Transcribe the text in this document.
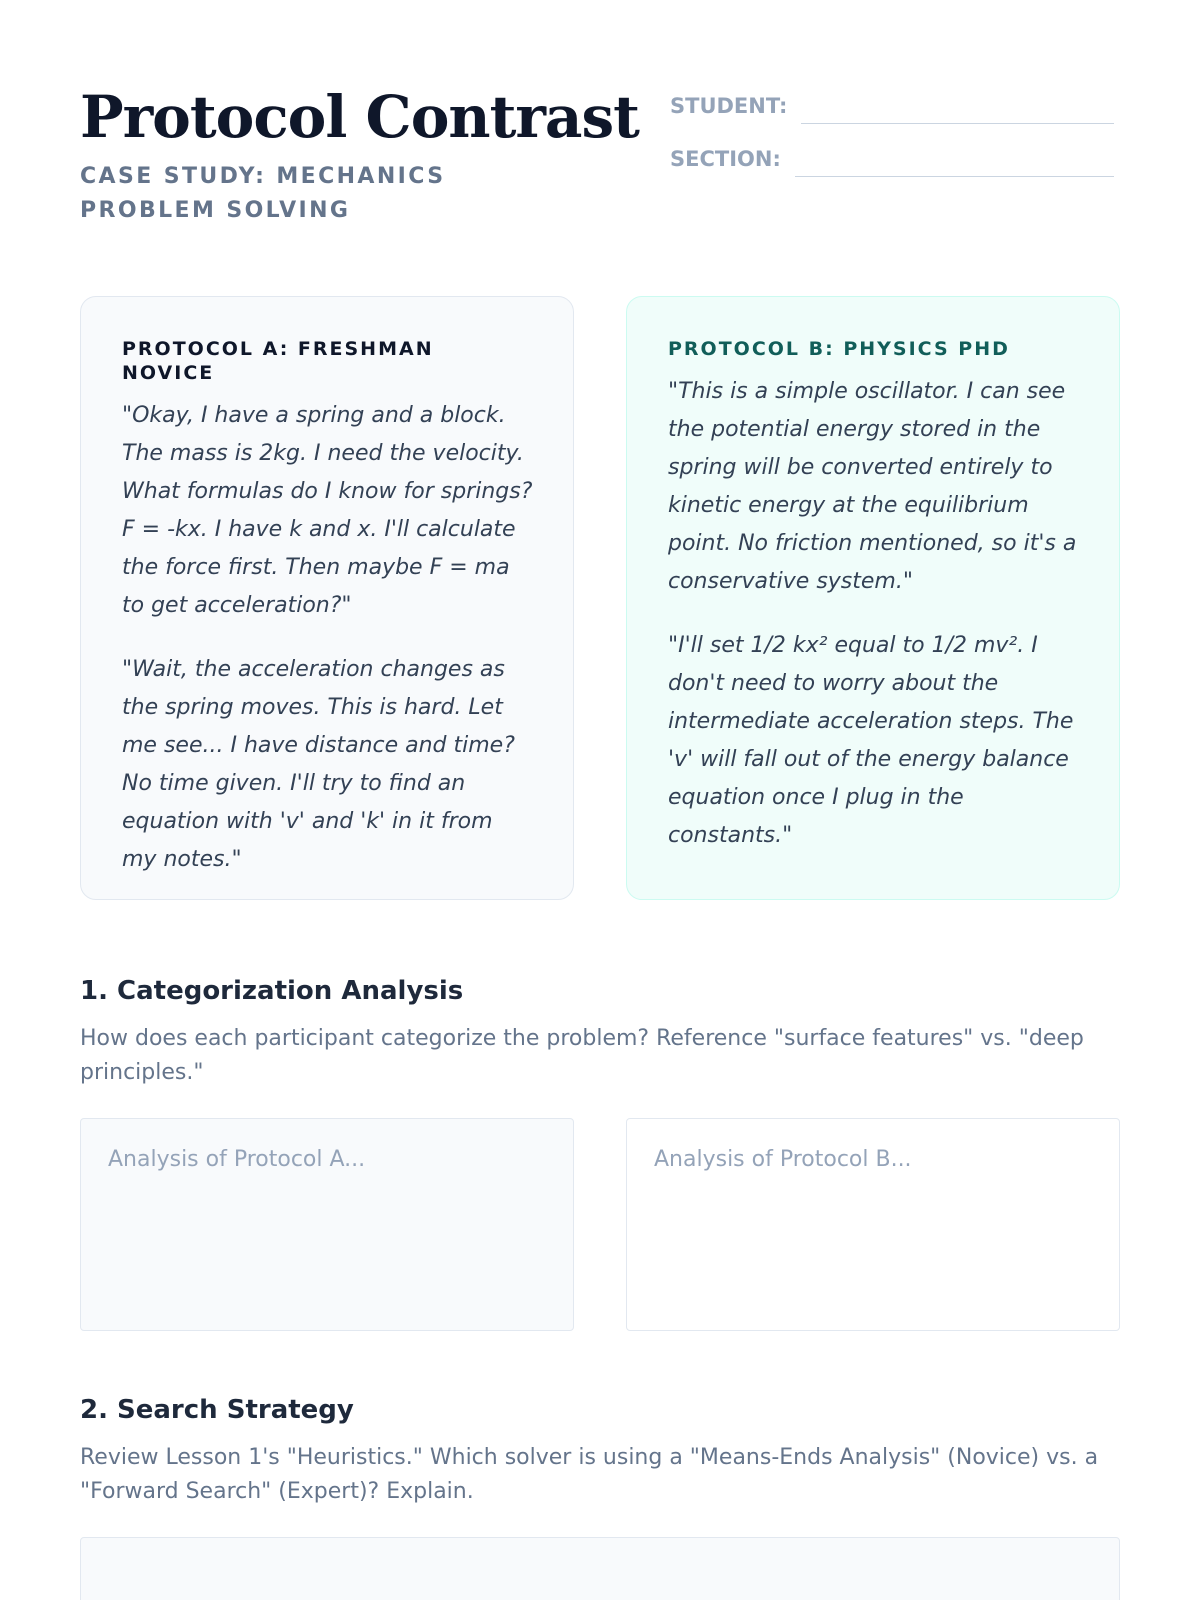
Protocol Contrast
CASE STUDY: MECHANICS PROBLEM SOLVING
STUDENT:
SECTION:
PROTOCOL A: FRESHMAN NOVICE

"Okay, I have a spring and a block. The mass is 2kg. I need the velocity. What formulas do I know for springs? F = -kx. I have k and x. I'll calculate the force first. Then maybe F = ma to get acceleration?"

"Wait, the acceleration changes as the spring moves. This is hard. Let me see... I have distance and time? No time given. I'll try to find an equation with 'v' and 'k' in it from my notes."

PROTOCOL B: PHYSICS PHD

"This is a simple oscillator. I can see the potential energy stored in the spring will be converted entirely to kinetic energy at the equilibrium point. No friction mentioned, so it's a conservative system."

"I'll set 1/2 kx² equal to 1/2 mv². I don't need to worry about the intermediate acceleration steps. The 'v' will fall out of the energy balance equation once I plug in the constants."

1. Categorization Analysis
How does each participant categorize the problem? Reference "surface features" vs. "deep principles."
Analysis of Protocol A...
Analysis of Protocol B...
2. Search Strategy
Review Lesson 1's "Heuristics." Which solver is using a "Means-Ends Analysis" (Novice) vs. a "Forward Search" (Expert)? Explain.
